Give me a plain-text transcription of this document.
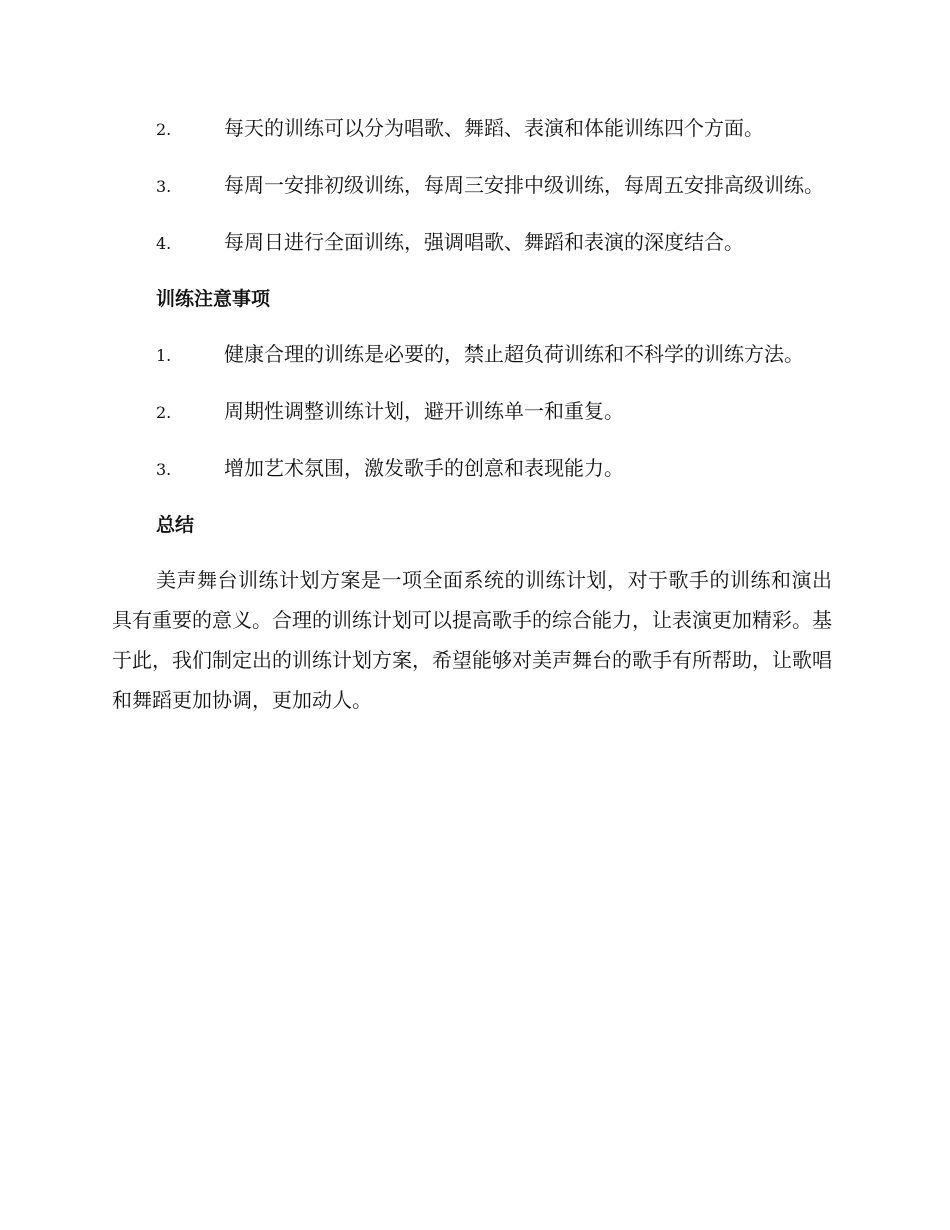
2.	每天的训练可以分为唱歌、舞蹈、表演和体能训练四个方面。

3.	每周一安排初级训练，每周三安排中级训练，每周五安排高级训练。

4.	每周日进行全面训练，强调唱歌、舞蹈和表演的深度结合。

训练注意事项

1.	健康合理的训练是必要的，禁止超负荷训练和不科学的训练方法。

2.	周期性调整训练计划，避开训练单一和重复。

3.	增加艺术氛围，激发歌手的创意和表现能力。

总结

美声舞台训练计划方案是一项全面系统的训练计划，对于歌手的训练和演出具有重要的意义。合理的训练计划可以提高歌手的综合能力，让表演更加精彩。基于此，我们制定出的训练计划方案，希望能够对美声舞台的歌手有所帮助，让歌唱和舞蹈更加协调，更加动人。
